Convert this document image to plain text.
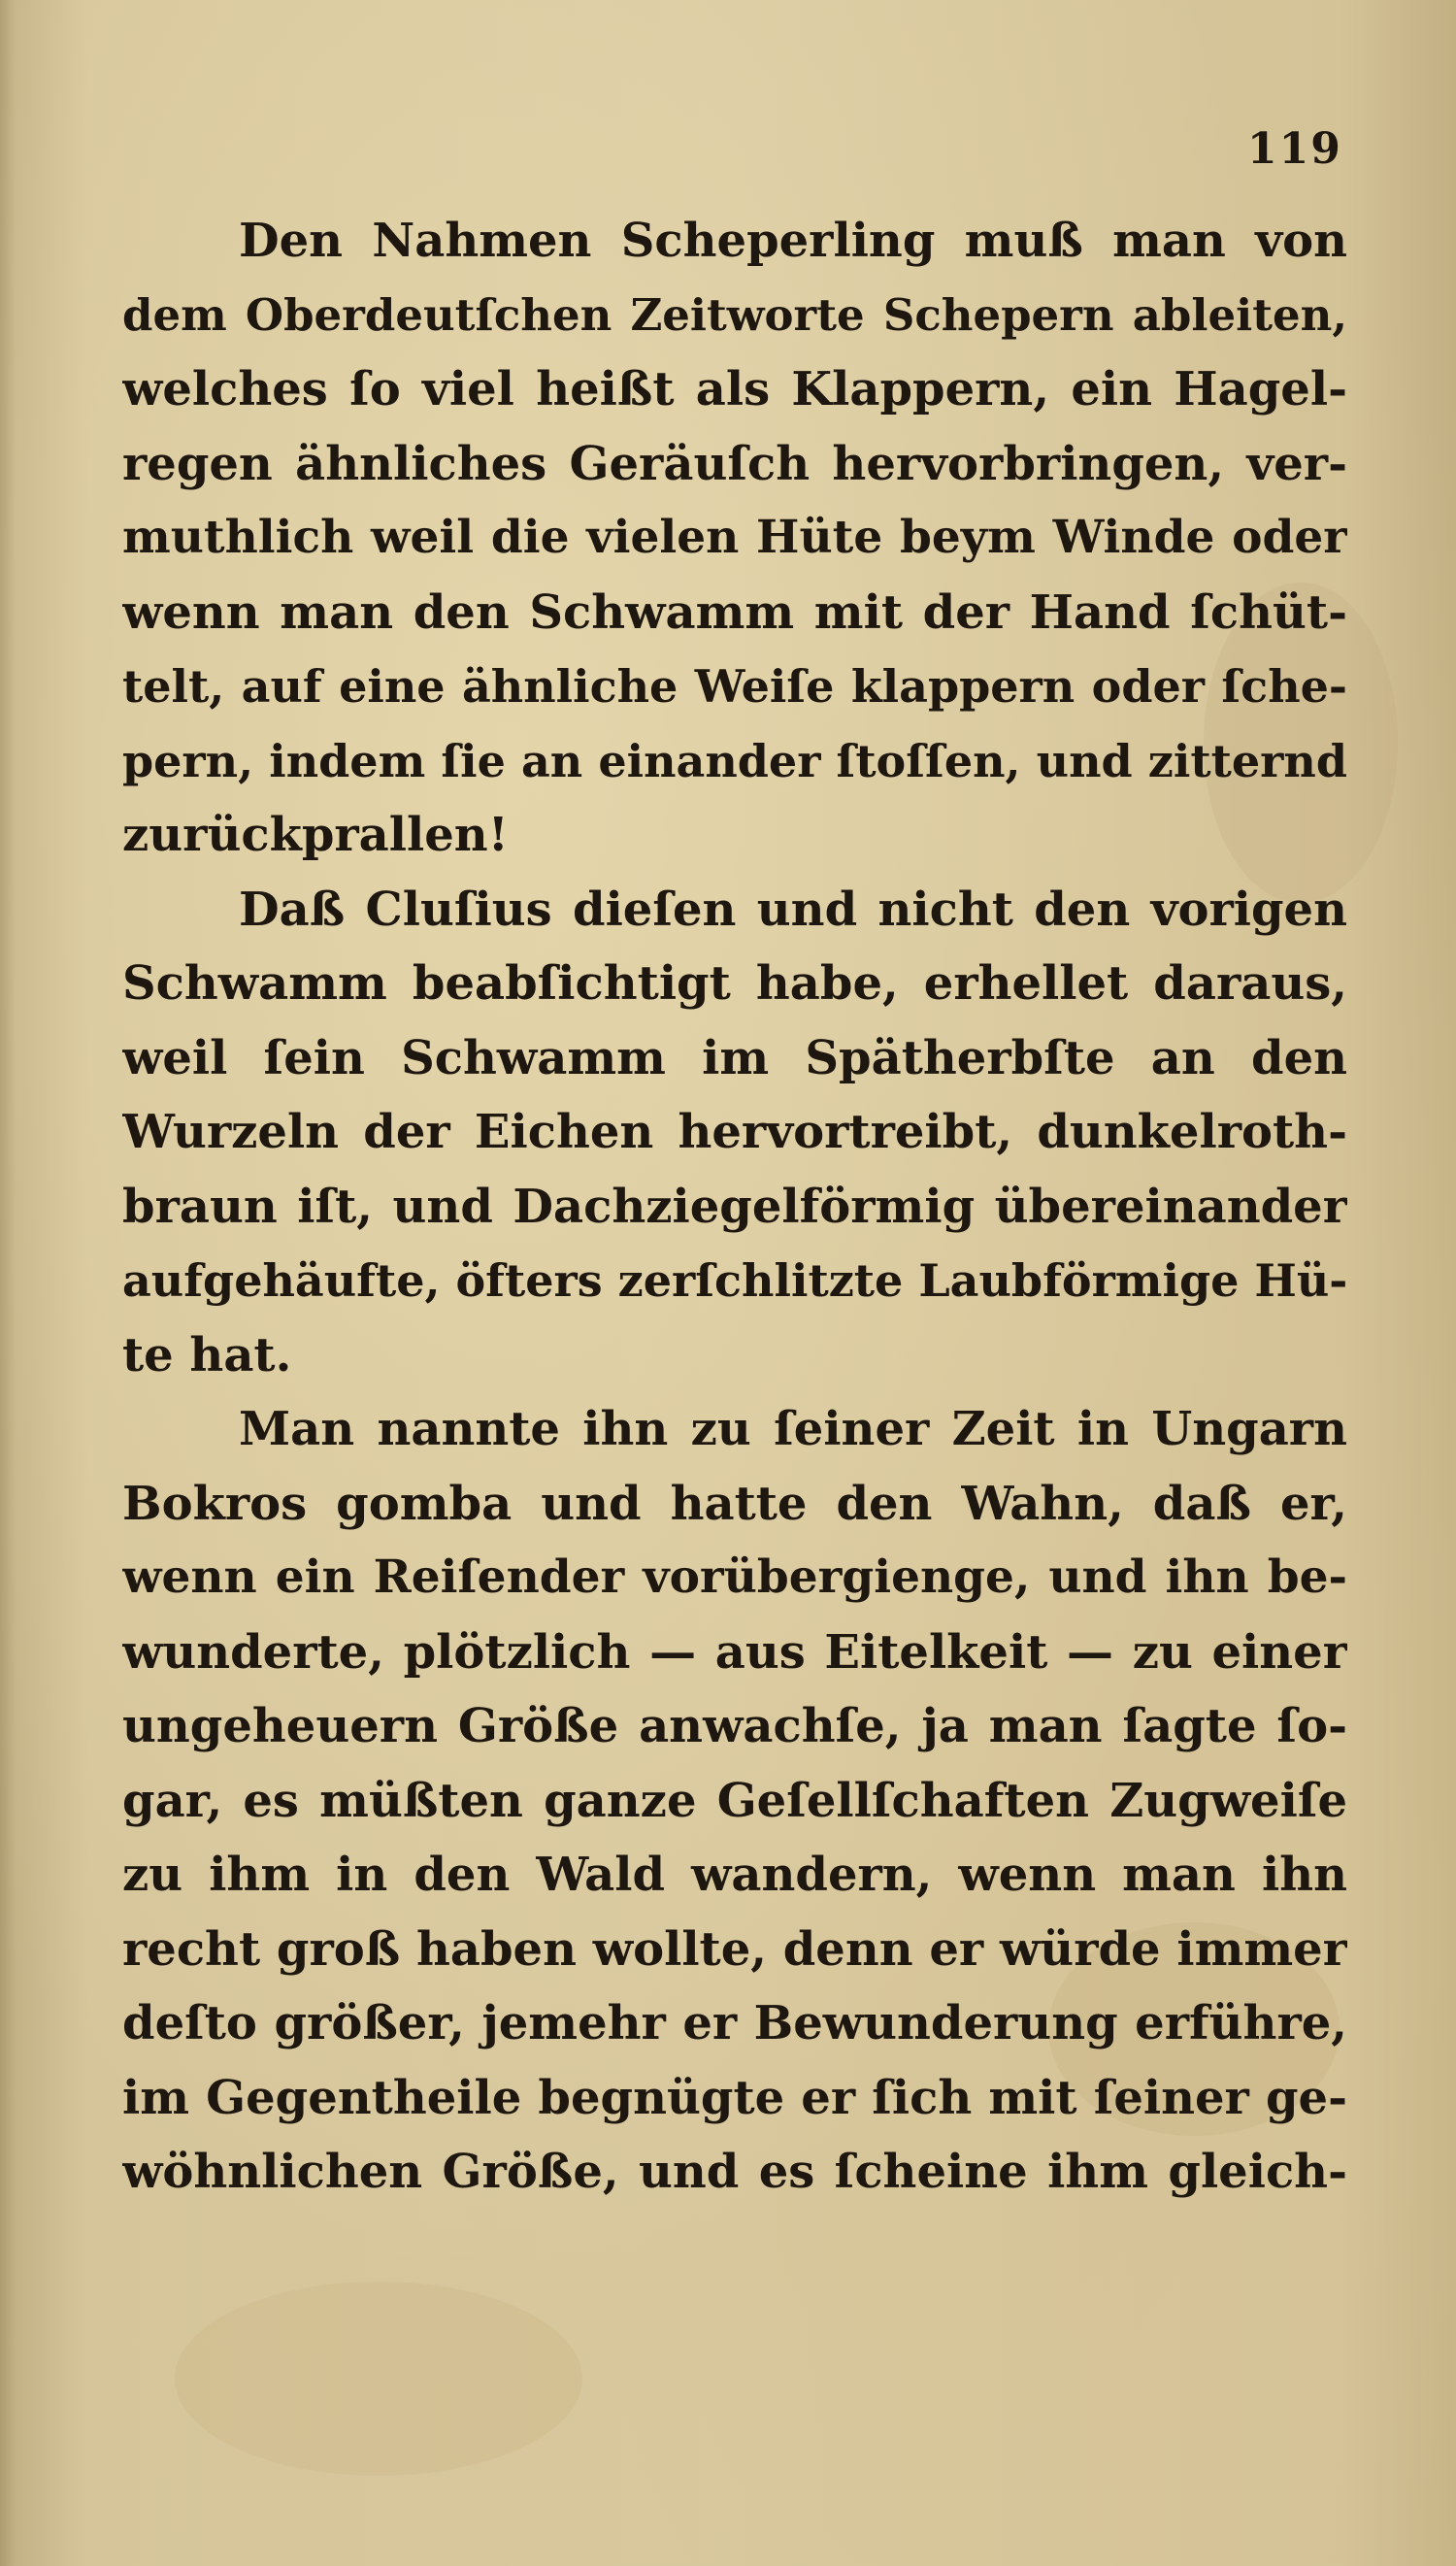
119
Den Nahmen Scheperling muß man von
dem Oberdeutſchen Zeitworte Schepern ableiten,
welches ſo viel heißt als Klappern, ein Hagel-
regen ähnliches Geräuſch hervorbringen, ver-
muthlich weil die vielen Hüte beym Winde oder
wenn man den Schwamm mit der Hand ſchüt-
telt, auf eine ähnliche Weiſe klappern oder ſche-
pern, indem ſie an einander ſtoſſen, und zitternd
zurückprallen!
Daß Cluſius dieſen und nicht den vorigen
Schwamm beabſichtigt habe, erhellet daraus,
weil ſein Schwamm im Spätherbſte an den
Wurzeln der Eichen hervortreibt, dunkelroth-
braun iſt, und Dachziegelförmig übereinander
aufgehäufte, öfters zerſchlitzte Laubförmige Hü-
te hat.
Man nannte ihn zu ſeiner Zeit in Ungarn
Bokros gomba und hatte den Wahn, daß er,
wenn ein Reiſender vorübergienge, und ihn be-
wunderte, plötzlich — aus Eitelkeit — zu einer
ungeheuern Größe anwachſe, ja man ſagte ſo-
gar, es müßten ganze Geſellſchaften Zugweiſe
zu ihm in den Wald wandern, wenn man ihn
recht groß haben wollte, denn er würde immer
deſto größer, jemehr er Bewunderung erführe,
im Gegentheile begnügte er ſich mit ſeiner ge-
wöhnlichen Größe, und es ſcheine ihm gleich-
